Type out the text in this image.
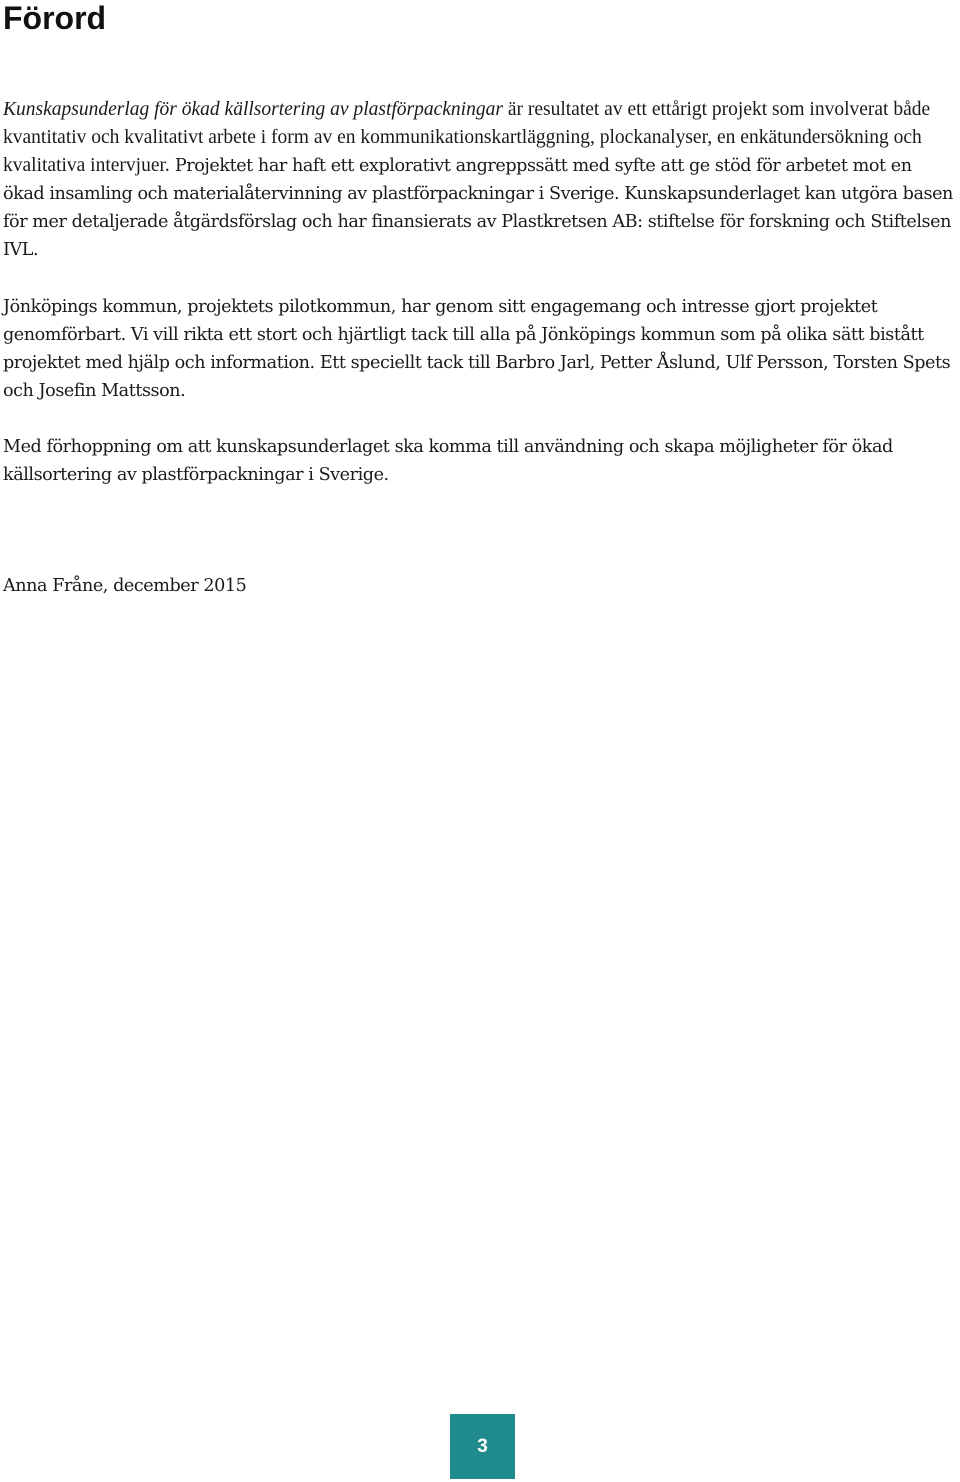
Förord

Kunskapsunderlag för ökad källsortering av plastförpackningar är resultatet av ett ettårigt projekt som involverat både kvantitativ och kvalitativt arbete i form av en kommunikationskartläggning, plockanalyser, en enkätundersökning och kvalitativa intervjuer. Projektet har haft ett explorativt angreppssätt med syfte att ge stöd för arbetet mot en ökad insamling och materialåtervinning av plastförpackningar i Sverige. Kunskapsunderlaget kan utgöra basen för mer detaljerade åtgärdsförslag och har finansierats av Plastkretsen AB: stiftelse för forskning och Stiftelsen IVL.

Jönköpings kommun, projektets pilotkommun, har genom sitt engagemang och intresse gjort projektet genomförbart. Vi vill rikta ett stort och hjärtligt tack till alla på Jönköpings kommun som på olika sätt bistått projektet med hjälp och information. Ett speciellt tack till Barbro Jarl, Petter Åslund, Ulf Persson, Torsten Spets och Josefin Mattsson.

Med förhoppning om att kunskapsunderlaget ska komma till användning och skapa möjligheter för ökad källsortering av plastförpackningar i Sverige.

Anna Fråne, december 2015

3
